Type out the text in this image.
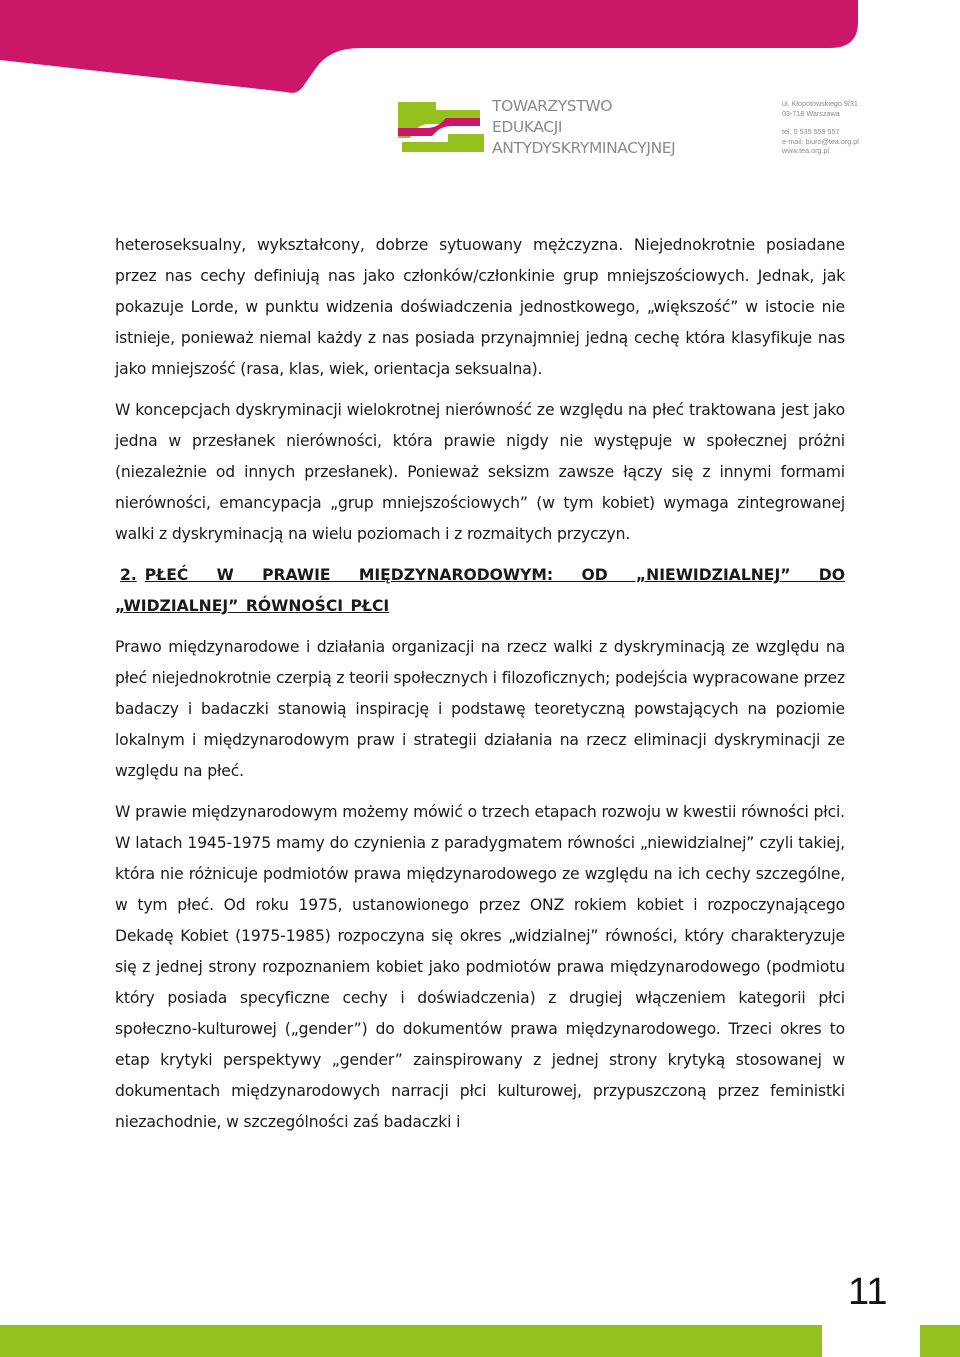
TOWARZYSTWO
EDUKACJI
ANTYDYSKRYMINACYJNEJ
ul. Kłopotowskiego 9/31
03-718 Warszawa
tel. 0 535 559 557
e-mail: biuro@tea.org.pl
www.tea.org.pl

heteroseksualny, wykształcony, dobrze sytuowany mężczyzna. Niejednokrotnie posiadane przez nas cechy definiują nas jako członków/członkinie grup mniejszościowych. Jednak, jak pokazuje Lorde, w punktu widzenia doświadczenia jednostkowego, „większość” w istocie nie istnieje, ponieważ niemal każdy z nas posiada przynajmniej jedną cechę która klasyfikuje nas jako mniejszość (rasa, klas, wiek, orientacja seksualna).

W koncepcjach dyskryminacji wielokrotnej nierówność ze względu na płeć traktowana jest jako jedna w przesłanek nierówności, która prawie nigdy nie występuje w społecznej próżni (niezależnie od innych przesłanek). Ponieważ seksizm zawsze łączy się z innymi formami nierówności, emancypacja „grup mniejszościowych” (w tym kobiet) wymaga zintegrowanej walki z dyskryminacją na wielu poziomach i z rozmaitych przyczyn.

2. PŁEĆ W PRAWIE MIĘDZYNARODOWYM: OD „NIEWIDZIALNEJ” DO „WIDZIALNEJ” RÓWNOŚCI PŁCI

Prawo międzynarodowe i działania organizacji na rzecz walki z dyskryminacją ze względu na płeć niejednokrotnie czerpią z teorii społecznych i filozoficznych; podejścia wypracowane przez badaczy i badaczki stanowią inspirację i podstawę teoretyczną powstających na poziomie lokalnym i międzynarodowym praw i strategii działania na rzecz eliminacji dyskryminacji ze względu na płeć.

W prawie międzynarodowym możemy mówić o trzech etapach rozwoju w kwestii równości płci. W latach 1945-1975 mamy do czynienia z paradygmatem równości „niewidzialnej” czyli takiej, która nie różnicuje podmiotów prawa międzynarodowego ze względu na ich cechy szczególne, w tym płeć. Od roku 1975, ustanowionego przez ONZ rokiem kobiet i rozpoczynającego Dekadę Kobiet (1975-1985) rozpoczyna się okres „widzialnej” równości, który charakteryzuje się z jednej strony rozpoznaniem kobiet jako podmiotów prawa międzynarodowego (podmiotu który posiada specyficzne cechy i doświadczenia) z drugiej włączeniem kategorii płci społeczno-kulturowej („gender”) do dokumentów prawa międzynarodowego. Trzeci okres to etap krytyki perspektywy „gender” zainspirowany z jednej strony krytyką stosowanej w dokumentach międzynarodowych narracji płci kulturowej, przypuszczoną przez feministki niezachodnie, w szczególności zaś badaczki i

11
